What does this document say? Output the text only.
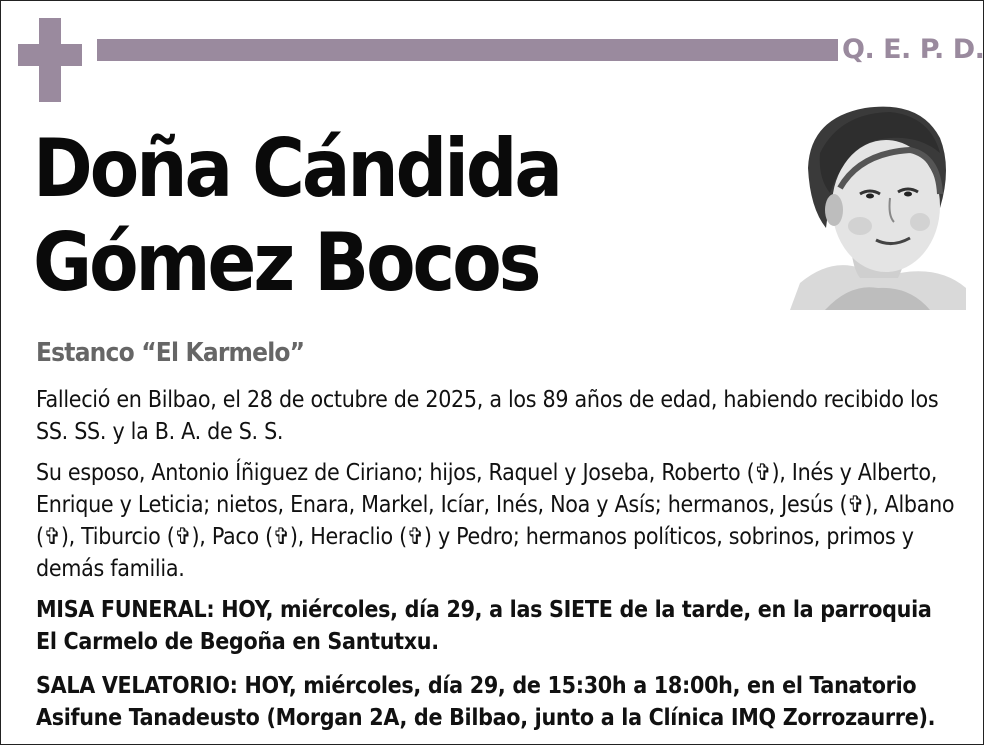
Q. E. P. D.
Doña Cándida
Gómez Bocos
Estanco “El Karmelo”

Falleció en Bilbao, el 28 de octubre de 2025, a los 89 años de edad, habiendo recibido los SS. SS. y la B. A. de S. S.

Su esposo, Antonio Íñiguez de Ciriano; hijos, Raquel y Joseba, Roberto (✞), Inés y Alberto, Enrique y Leticia; nietos, Enara, Markel, Icíar, Inés, Noa y Asís; hermanos, Jesús (✞), Albano (✞), Tiburcio (✞), Paco (✞), Heraclio (✞) y Pedro; hermanos políticos, sobrinos, primos y demás familia.

MISA FUNERAL: HOY, miércoles, día 29, a las SIETE de la tarde, en la parroquia El Carmelo de Begoña en Santutxu.

SALA VELATORIO: HOY, miércoles, día 29, de 15:30h a 18:00h, en el Tanatorio Asifune Tanadeusto (Morgan 2A, de Bilbao, junto a la Clínica IMQ Zorrozaurre).
